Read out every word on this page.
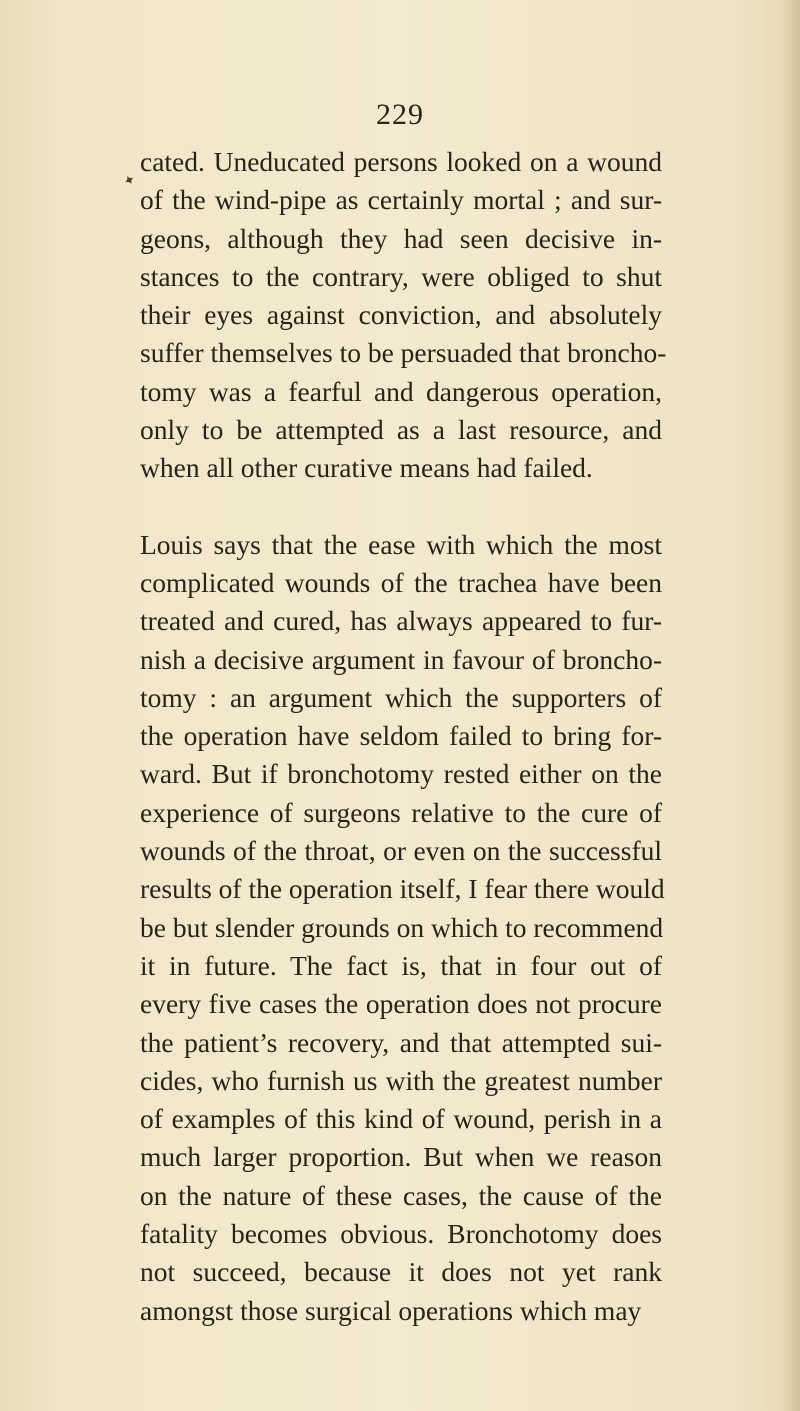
229
✦
cated. Uneducated persons looked on a wound
of the wind-pipe as certainly mortal ; and sur-
geons, although they had seen decisive in-
stances to the contrary, were obliged to shut
their eyes against conviction, and absolutely
suffer themselves to be persuaded that broncho-
tomy was a fearful and dangerous operation,
only to be attempted as a last resource, and
when all other curative means had failed.
Louis says that the ease with which the most
complicated wounds of the trachea have been
treated and cured, has always appeared to fur-
nish a decisive argument in favour of broncho-
tomy : an argument which the supporters of
the operation have seldom failed to bring for-
ward. But if bronchotomy rested either on the
experience of surgeons relative to the cure of
wounds of the throat, or even on the successful
results of the operation itself, I fear there would
be but slender grounds on which to recommend
it in future. The fact is, that in four out of
every five cases the operation does not procure
the patient’s recovery, and that attempted sui-
cides, who furnish us with the greatest number
of examples of this kind of wound, perish in a
much larger proportion. But when we reason
on the nature of these cases, the cause of the
fatality becomes obvious. Bronchotomy does
not succeed, because it does not yet rank
amongst those surgical operations which may
